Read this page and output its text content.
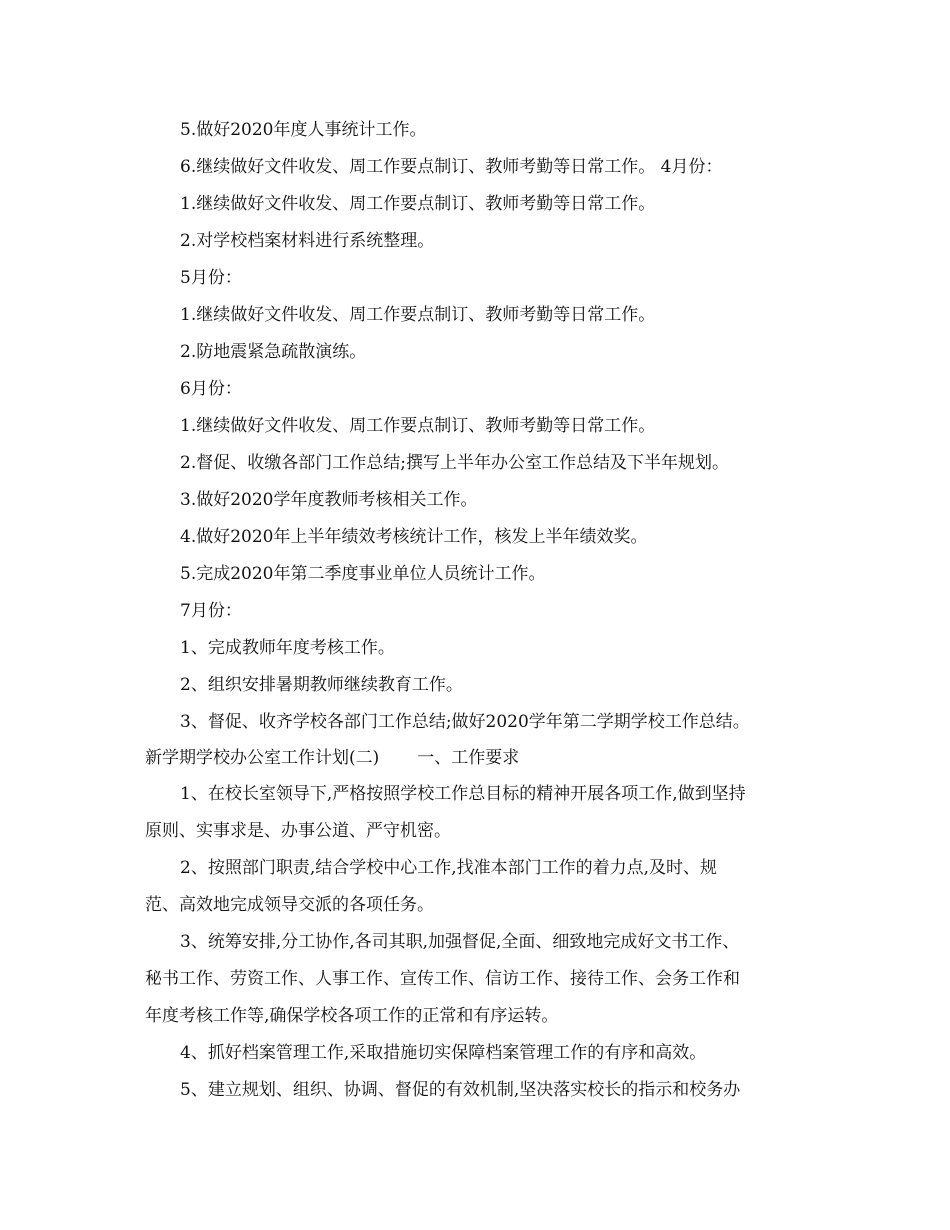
5.做好2020年度人事统计工作。
6.继续做好文件收发、周工作要点制订、教师考勤等日常工作。 4月份：
1.继续做好文件收发、周工作要点制订、教师考勤等日常工作。
2.对学校档案材料进行系统整理。
5月份：
1.继续做好文件收发、周工作要点制订、教师考勤等日常工作。
2.防地震紧急疏散演练。
6月份：
1.继续做好文件收发、周工作要点制订、教师考勤等日常工作。
2.督促、收缴各部门工作总结;撰写上半年办公室工作总结及下半年规划。
3.做好2020学年度教师考核相关工作。
4.做好2020年上半年绩效考核统计工作，核发上半年绩效奖。
5.完成2020年第二季度事业单位人员统计工作。
7月份：
1、完成教师年度考核工作。
2、组织安排暑期教师继续教育工作。
3、督促、收齐学校各部门工作总结;做好2020学年第二学期学校工作总结。
新学期学校办公室工作计划(二) 一、工作要求
1、在校长室领导下,严格按照学校工作总目标的精神开展各项工作,做到坚持
原则、实事求是、办事公道、严守机密。
2、按照部门职责,结合学校中心工作,找准本部门工作的着力点,及时、规
范、高效地完成领导交派的各项任务。
3、统筹安排,分工协作,各司其职,加强督促,全面、细致地完成好文书工作、
秘书工作、劳资工作、人事工作、宣传工作、信访工作、接待工作、会务工作和
年度考核工作等,确保学校各项工作的正常和有序运转。
4、抓好档案管理工作,采取措施切实保障档案管理工作的有序和高效。
5、建立规划、组织、协调、督促的有效机制,坚决落实校长的指示和校务办
